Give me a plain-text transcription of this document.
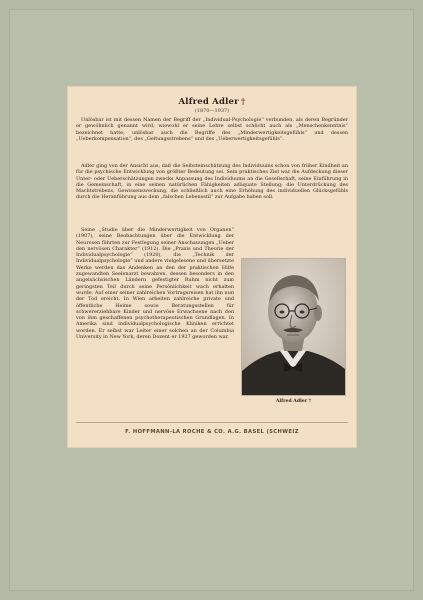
Alfred Adler †
(1870—1937)

Unlösbar ist mit dessen Namen der Begriff der „Individual-Psychologie“ verbunden, als deren Begründer er gewöhnlich genannt wird, wiewohl er seine Lehre selbst schlicht auch als „Menschenkenntnis“ bezeichnet hatte; unlösbar auch die Begriffe des „Minderwertigkeitsgefühls“ und dessen „Ueberkompensation“, des „Geltungsstrebens“ und des „Ueberwertigkeitsgefühls“.

Adler ging von der Ansicht aus, daß die Selbsteinschätzung des Individuums schon von früher Kindheit an für die psychische Entwicklung von größter Bedeutung sei. Sein praktisches Ziel war die Aufdeckung dieser Unter- oder Ueberschätzungen zwecks Anpassung des Individuums an die Gesellschaft, seine Einführung in die Gemeinschaft, in eine seinen natürlichen Fähigkeiten adäquate Stellung; die Unterdrückung des Machtstrebens, Gewissensweckung, die schließlich auch eine Erhöhung des individuellen Glücksgefühls durch die Heranführung aus dem „falschen Lebensstil“ zur Aufgabe haben soll.

Seine „Studie über die Minderwertigkeit von Organen“ (1907), seine Beobachtungen über die Entwicklung der Neurosen führten zur Festlegung seiner Anschauungen „Ueber den nervösen Charakter“ (1912). Die „Praxis und Theorie der Individualpsychologie“ (1920), die „Technik der Individualpsychologie“ und andere vielgelesene und übersetzte Werke werden das Andenken an den der praktischen Hilfe zugewandten Seelenarzt bewahren, dessen besonders in den angelsächsischen Ländern gefestigter Ruhm nicht zum geringsten Teil durch seine Persönlichkeit wach erhalten wurde. Auf einer seiner zahlreichen Vortragsreisen hat ihn nun der Tod ereicht. In Wien arbeiten zahlreiche private und öffentliche Heime sowie Beratungsstellen für schwererziehbare Kinder und nervöse Erwachsene nach den von ihm geschaffenen psychotherapeutischen Grundlagen. In Amerika sind individualpsychologische Kliniken errichtet worden. Er selbst war Leiter einer solchen an der Columbia University in New York, deren Dozent er 1927 geworden war.

Alfred Adler †
F. HOFFMANN-LA ROCHE & CO. A.G. BASEL (SCHWEIZ
